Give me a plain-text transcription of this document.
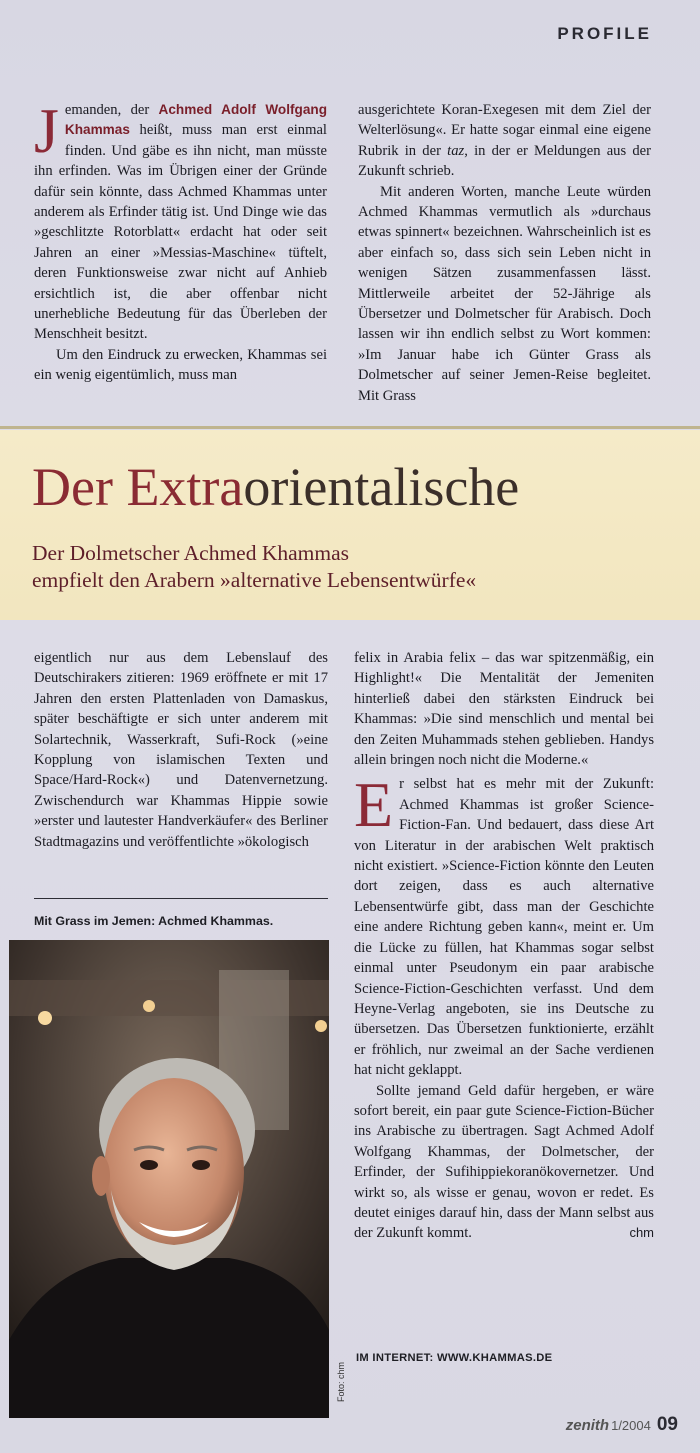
PROFILE

Jemanden, der Achmed Adolf Wolfgang Khammas heißt, muss man erst einmal finden. Und gäbe es ihn nicht, man müsste ihn erfinden. Was im Übrigen einer der Gründe dafür sein könnte, dass Achmed Khammas unter anderem als Erfinder tätig ist. Und Dinge wie das »geschlitzte Rotorblatt« erdacht hat oder seit Jahren an einer »Messias-Maschine« tüftelt, deren Funktionsweise zwar nicht auf Anhieb ersichtlich ist, die aber offenbar nicht unerhebliche Bedeutung für das Überleben der Menschheit besitzt.

Um den Eindruck zu erwecken, Khammas sei ein wenig eigentümlich, muss man

ausgerichtete Koran-Exegesen mit dem Ziel der Welterlösung«. Er hatte sogar einmal eine eigene Rubrik in der taz, in der er Meldungen aus der Zukunft schrieb.

Mit anderen Worten, manche Leute würden Achmed Khammas vermutlich als »durchaus etwas spinnert« bezeichnen. Wahrscheinlich ist es aber einfach so, dass sich sein Leben nicht in wenigen Sätzen zusammenfassen lässt. Mittlerweile arbeitet der 52-Jährige als Übersetzer und Dolmetscher für Arabisch. Doch lassen wir ihn endlich selbst zu Wort kommen: »Im Januar habe ich Günter Grass als Dolmetscher auf seiner Jemen-Reise begleitet. Mit Grass

Der Extraorientalische
Der Dolmetscher Achmed Khammas
empfielt den Arabern »alternative Lebensentwürfe«

eigentlich nur aus dem Lebenslauf des Deutschirakers zitieren: 1969 eröffnete er mit 17 Jahren den ersten Plattenladen von Damaskus, später beschäftigte er sich unter anderem mit Solartechnik, Wasserkraft, Sufi-Rock (»eine Kopplung von islamischen Texten und Space/Hard-Rock«) und Datenvernetzung. Zwischendurch war Khammas Hippie sowie »erster und lautester Handverkäufer« des Berliner Stadtmagazins und veröffentlichte »ökologisch

Mit Grass im Jemen: Achmed Khammas.
Foto: chm

felix in Arabia felix – das war spitzenmäßig, ein Highlight!« Die Mentalität der Jemeniten hinterließ dabei den stärksten Eindruck bei Khammas: »Die sind menschlich und mental bei den Zeiten Muhammads stehen geblieben. Handys allein bringen noch nicht die Moderne.«

Er selbst hat es mehr mit der Zukunft: Achmed Khammas ist großer Science-Fiction-Fan. Und bedauert, dass diese Art von Literatur in der arabischen Welt praktisch nicht existiert. »Science-Fiction könnte den Leuten dort zeigen, dass es auch alternative Lebensentwürfe gibt, dass man der Geschichte eine andere Richtung geben kann«, meint er. Um die Lücke zu füllen, hat Khammas sogar selbst einmal unter Pseudonym ein paar arabische Science-Fiction-Geschichten verfasst. Und dem Heyne-Verlag angeboten, sie ins Deutsche zu übersetzen. Das Übersetzen funktionierte, erzählt er fröhlich, nur zweimal an der Sache verdienen hat nicht geklappt.

Sollte jemand Geld dafür hergeben, er wäre sofort bereit, ein paar gute Science-Fiction-Bücher ins Arabische zu übertragen. Sagt Achmed Adolf Wolfgang Khammas, der Dolmetscher, der Erfinder, der Sufihippiekoranökovernetzer. Und wirkt so, als wisse er genau, wovon er redet. Es deutet einiges darauf hin, dass der Mann selbst aus der Zukunft kommt.	chm

IM INTERNET: WWW.KHAMMAS.DE
zenith 1/2004 09
